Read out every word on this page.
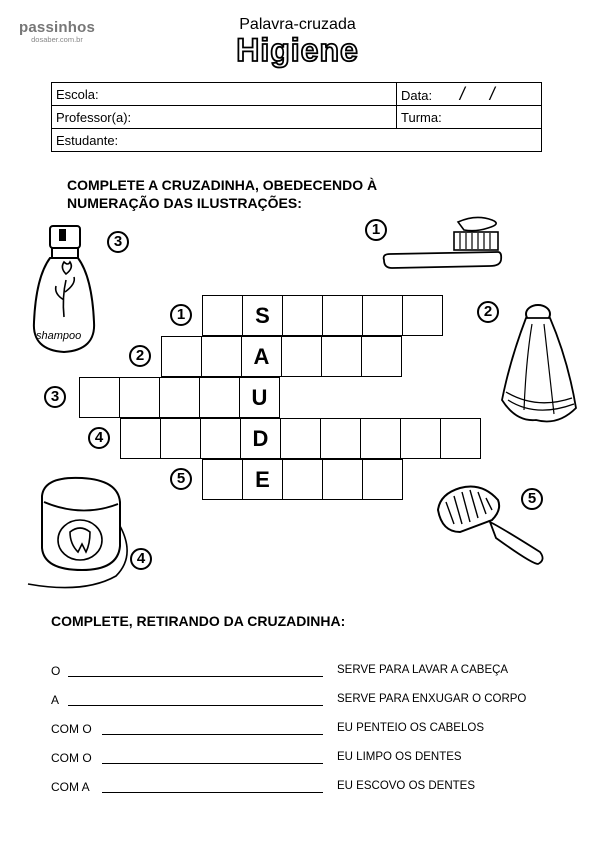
passinhos
dosaber.com.br
Palavra-cruzada
Higiene
Escola:	Data: /     /
Professor(a):	Turma:
Estudante:	
COMPLETE A CRUZADINHA, OBEDECENDO À
NUMERAÇÃO DAS ILUSTRAÇÕES:
S
1
A
2
U
3
D
4
E
5
shampoo
3
1
2
4
5
COMPLETE, RETIRANDO DA CRUZADINHA:
O	SERVE PARA LAVAR A CABEÇA
A	SERVE PARA ENXUGAR O CORPO
COM O	EU PENTEIO OS CABELOS
COM O	EU LIMPO OS DENTES
COM A	EU ESCOVO OS DENTES
